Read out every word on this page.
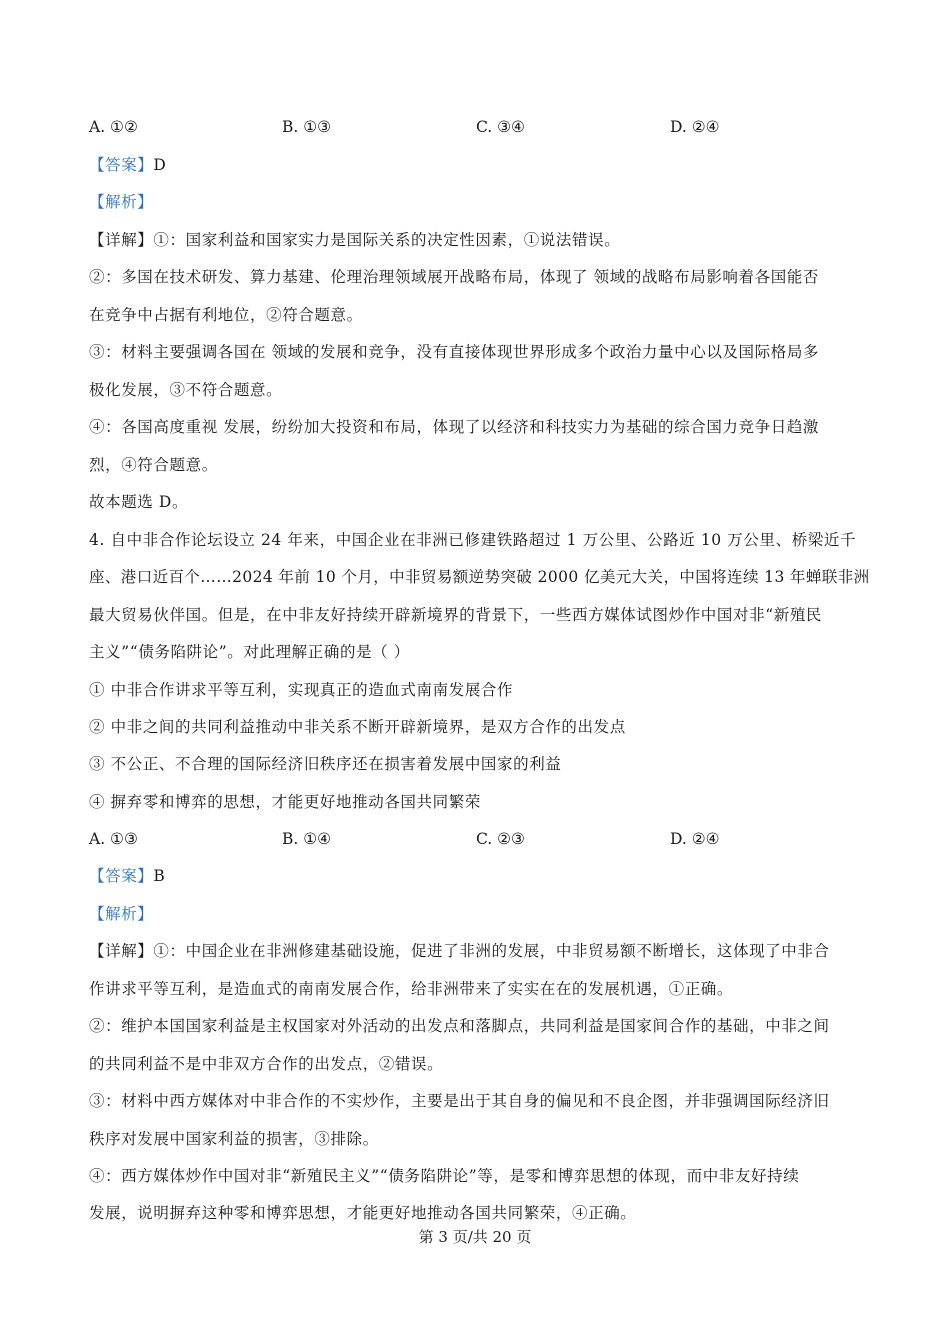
A. ①②	B. ①③	C. ③④	D. ②④
【答案】D
【解析】
【详解】①：国家利益和国家实力是国际关系的决定性因素，①说法错误。
②：多国在技术研发、算力基建、伦理治理领域展开战略布局，体现了 领域的战略布局影响着各国能否
在竞争中占据有利地位，②符合题意。
③：材料主要强调各国在 领域的发展和竞争，没有直接体现世界形成多个政治力量中心以及国际格局多
极化发展，③不符合题意。
④：各国高度重视 发展，纷纷加大投资和布局，体现了以经济和科技实力为基础的综合国力竞争日趋激
烈，④符合题意。
故本题选 D。
4. 自中非合作论坛设立 24 年来，中国企业在非洲已修建铁路超过 1 万公里、公路近 10 万公里、桥梁近千
座、港口近百个……2024 年前 10 个月，中非贸易额逆势突破 2000 亿美元大关，中国将连续 13 年蝉联非洲
最大贸易伙伴国。但是，在中非友好持续开辟新境界的背景下，一些西方媒体试图炒作中国对非“新殖民
主义”“债务陷阱论”。对此理解正确的是（ ）
① 中非合作讲求平等互利，实现真正的造血式南南发展合作
② 中非之间的共同利益推动中非关系不断开辟新境界，是双方合作的出发点
③ 不公正、不合理的国际经济旧秩序还在损害着发展中国家的利益
④ 摒弃零和博弈的思想，才能更好地推动各国共同繁荣
A. ①③	B. ①④	C. ②③	D. ②④
【答案】B
【解析】
【详解】①：中国企业在非洲修建基础设施，促进了非洲的发展，中非贸易额不断增长，这体现了中非合
作讲求平等互利，是造血式的南南发展合作，给非洲带来了实实在在的发展机遇，①正确。
②：维护本国国家利益是主权国家对外活动的出发点和落脚点，共同利益是国家间合作的基础，中非之间
的共同利益不是中非双方合作的出发点，②错误。
③：材料中西方媒体对中非合作的不实炒作，主要是出于其自身的偏见和不良企图，并非强调国际经济旧
秩序对发展中国家利益的损害，③排除。
④：西方媒体炒作中国对非“新殖民主义”“债务陷阱论”等，是零和博弈思想的体现，而中非友好持续
发展，说明摒弃这种零和博弈思想，才能更好地推动各国共同繁荣，④正确。
第 3 页/共 20 页
